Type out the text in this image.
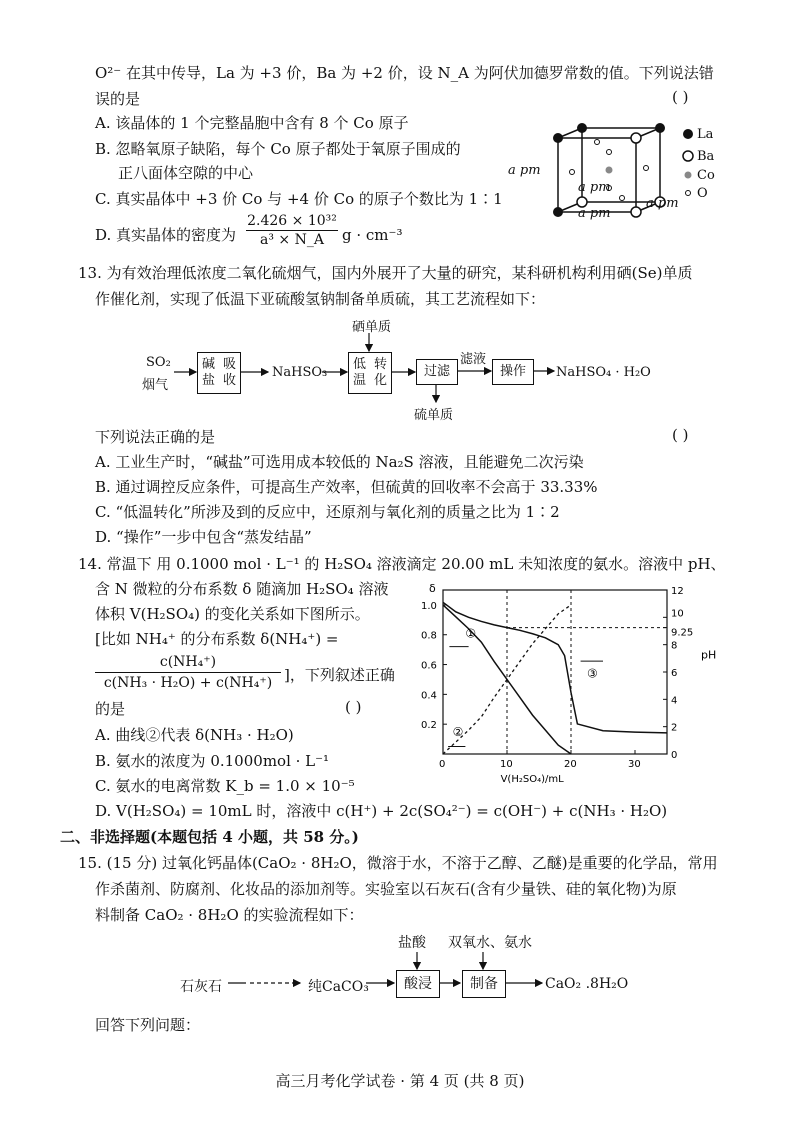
O²⁻ 在其中传导，La 为 +3 价，Ba 为 +2 价，设 N_A 为阿伏加德罗常数的值。下列说法错
误的是	( )
A. 该晶体的 1 个完整晶胞中含有 8 个 Co 原子
B. 忽略氧原子缺陷，每个 Co 原子都处于氧原子围成的
正八面体空隙的中心
C. 真实晶体中 +3 价 Co 与 +4 价 Co 的原子个数比为 1∶1
D. 真实晶体的密度为 $\frac{\text{2.426 × 10³²}}{\text{a³ × N\_A}}$ g · cm⁻³
La
Ba
Co
O
a pm
a pm
a pm
a pm
13. 为有效治理低浓度二氧化硫烟气，国内外展开了大量的研究，某科研机构利用硒(Se)单质
作催化剂，实现了低温下亚硫酸氢钠制备单质硫，其工艺流程如下：
SO₂
烟气
碱盐

吸收
NaHSO₃
硒单质
低温

转化
过滤
滤液
硫单质
操作	NaHSO₄ · H₂O
下列说法正确的是	( )
A. 工业生产时，“碱盐”可选用成本较低的 Na₂S 溶液，且能避免二次污染
B. 通过调控反应条件，可提高生产效率，但硫黄的回收率不会高于 33.33%
C. “低温转化”所涉及到的反应中，还原剂与氧化剂的质量之比为 1∶2
D. “操作”一步中包含“蒸发结晶”
14. 常温下 用 0.1000 mol · L⁻¹ 的 H₂SO₄ 溶液滴定 20.00 mL 未知浓度的氨水。溶液中 pH、
含 N 微粒的分布系数 δ 随滴加 H₂SO₄ 溶液
体积 V(H₂SO₄) 的变化关系如下图所示。
[比如 NH₄⁺ 的分布系数 δ(NH₄⁺) =
$\frac{\text{c(NH₄⁺)}}{\text{c(NH₃ · H₂O) + c(NH₄⁺)}}$ ]，下列叙述正确
的是	( )
A. 曲线②代表 δ(NH₃ · H₂O)
B. 氨水的浓度为 0.1000mol · L⁻¹
C. 氨水的电离常数 K_b = 1.0 × 10⁻⁵
D. V(H₂SO₄) = 10mL 时，溶液中 c(H⁺) + 2c(SO₄²⁻) = c(OH⁻) + c(NH₃ · H₂O)
δ
0.2
0.4
0.6
0.8
1.0
0
2
4
6
8
10
9.25
12
pH
10	20	30
0
V(H₂SO₄)/mL
①
②
③
二、非选择题(本题包括 4 小题，共 58 分。)
15. (15 分) 过氧化钙晶体(CaO₂ · 8H₂O，微溶于水，不溶于乙醇、乙醚)是重要的化学品，常用
作杀菌剂、防腐剂、化妆品的添加剂等。实验室以石灰石(含有少量铁、硅的氧化物)为原
料制备 CaO₂ · 8H₂O 的实验流程如下：
盐酸 双氧水、氨水
石灰石	纯CaCO₃	酸浸	制备	CaO₂ .8H₂O
回答下列问题：
高三月考化学试卷 · 第 4 页 (共 8 页)
